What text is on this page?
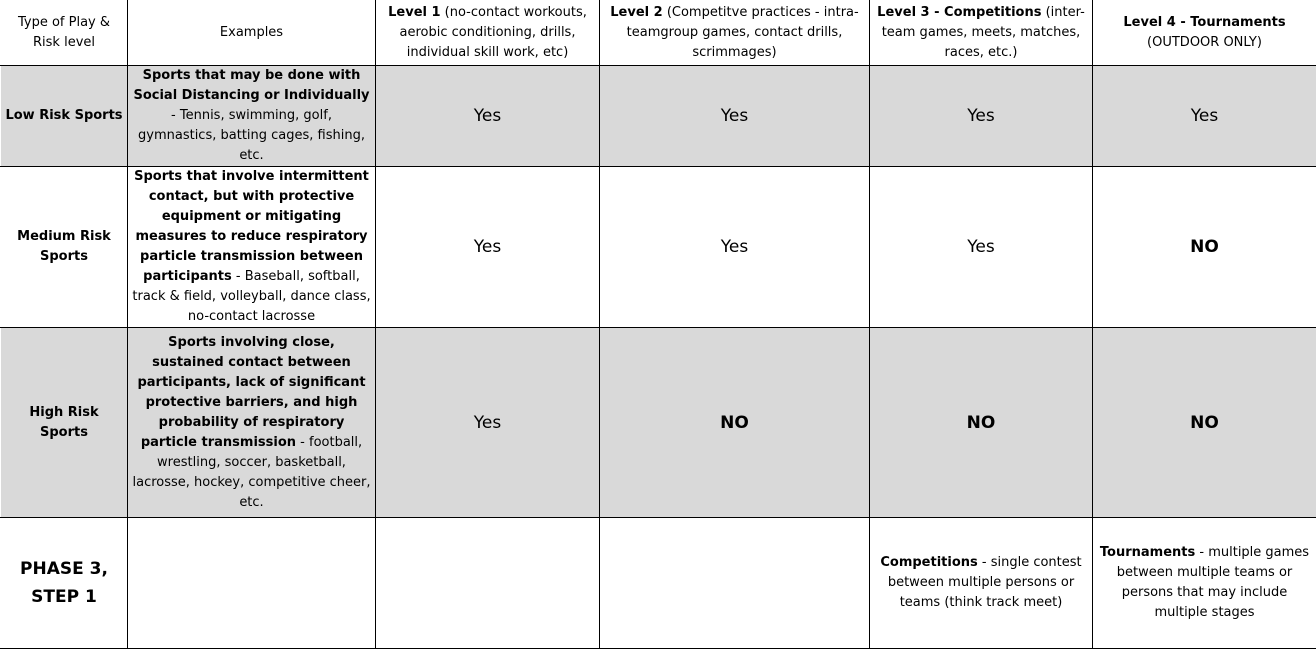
Type of Play & Risk level	Examples	Level 1 (no-contact workouts, aerobic conditioning, drills, individual skill work, etc)	Level 2 (Competitve practices - intra-teamgroup games, contact drills, scrimmages)	Level 3 - Competitions (inter-team games, meets, matches, races, etc.)	Level 4 - Tournaments (OUTDOOR ONLY)
Low Risk Sports	Sports that may be done with Social Distancing or Individually - Tennis, swimming, golf, gymnastics, batting cages, fishing, etc.	Yes	Yes	Yes	Yes
Medium Risk Sports	Sports that involve intermittent contact, but with protective equipment or mitigating measures to reduce respiratory particle transmission between participants - Baseball, softball, track & field, volleyball, dance class, no-contact lacrosse	Yes	Yes	Yes	NO
High Risk Sports	Sports involving close, sustained contact between participants, lack of significant protective barriers, and high probability of respiratory particle transmission - football, wrestling, soccer, basketball, lacrosse, hockey, competitive cheer, etc.	Yes	NO	NO	NO
PHASE 3, STEP 1				Competitions - single contest between multiple persons or teams (think track meet)	Tournaments - multiple games between multiple teams or persons that may include multiple stages
